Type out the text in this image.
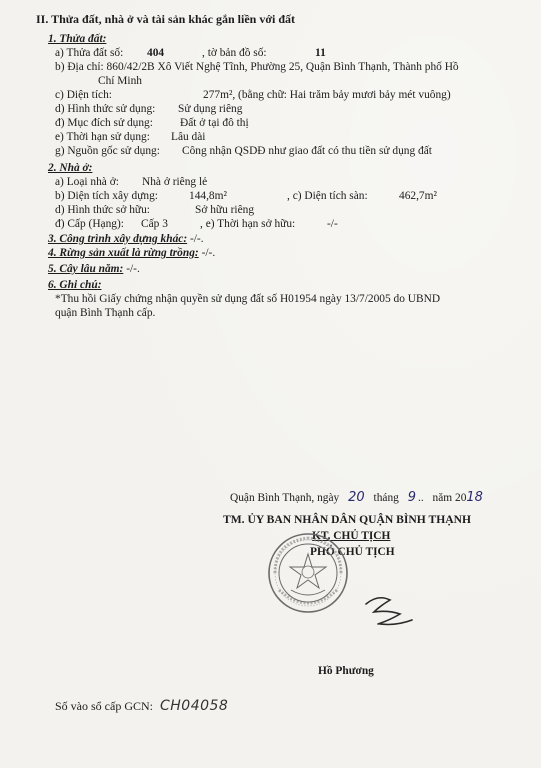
II. Thửa đất, nhà ở và tài sản khác gắn liền với đất
1. Thửa đất:
a) Thửa đất số: 404	, tờ bản đồ số:	11
b) Địa chỉ: 860/42/2B Xô Viết Nghệ Tĩnh, Phường 25, Quận Bình Thạnh, Thành phố Hồ
Chí Minh
c) Diện tích:	277m², (bằng chữ: Hai trăm bảy mươi bảy mét vuông)
d) Hình thức sử dụng: Sử dụng riêng
đ) Mục đích sử dụng: Đất ở tại đô thị
e) Thời hạn sử dụng: Lâu dài
g) Nguồn gốc sử dụng: Công nhận QSDĐ như giao đất có thu tiền sử dụng đất
2. Nhà ở:
a) Loại nhà ở: Nhà ở riêng lẻ
b) Diện tích xây dựng:	144,8m²	, c) Diện tích sàn:	462,7m²
d) Hình thức sở hữu:	Sở hữu riêng
đ) Cấp (Hạng): Cấp 3	, e) Thời hạn sở hữu:	-/-
3. Công trình xây dựng khác: -/-.
4. Rừng sản xuất là rừng trồng: -/-.
5. Cây lâu năm: -/-.
6. Ghi chú:
*Thu hồi Giấy chứng nhận quyền sử dụng đất số H01954 ngày 13/7/2005 do UBND
quận Bình Thạnh cấp.
Quận Bình Thạnh, ngày 20 tháng 9 .. năm 2018
TM. ỦY BAN NHÂN DÂN QUẬN BÌNH THẠNH
KT. CHỦ TỊCH
PHÓ CHỦ TỊCH
Hồ Phương
Số vào sổ cấp GCN: CH04058
